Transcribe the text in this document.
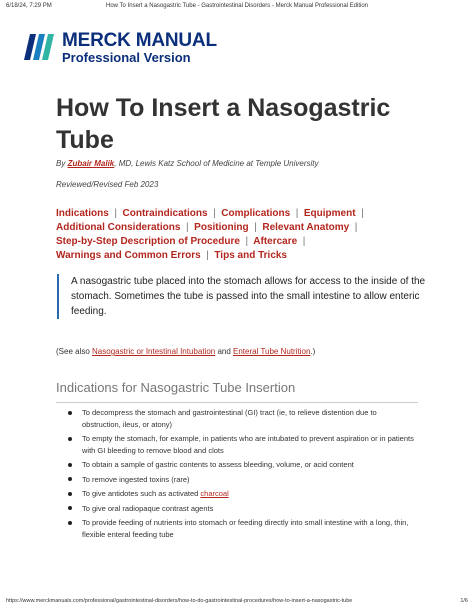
6/18/24, 7:29 PM	How To Insert a Nasogastric Tube - Gastrointestinal Disorders - Merck Manual Professional Edition
MERCK MANUAL
Professional Version
How To Insert a Nasogastric Tube
By Zubair Malik, MD, Lewis Katz School of Medicine at Temple University
Reviewed/Revised Feb 2023
Indications  |  Contraindications  |  Complications  |  Equipment  |
Additional Considerations  |  Positioning  |  Relevant Anatomy  |
Step-by-Step Description of Procedure  |  Aftercare  |
Warnings and Common Errors  |  Tips and Tricks
A nasogastric tube placed into the stomach allows for access to the inside of the stomach. Sometimes the tube is passed into the small intestine to allow enteric feeding.
(See also Nasogastric or Intestinal Intubation and Enteral Tube Nutrition.)
Indications for Nasogastric Tube Insertion
To decompress the stomach and gastrointestinal (GI) tract (ie, to relieve distention due to obstruction, ileus, or atony)
To empty the stomach, for example, in patients who are intubated to prevent aspiration or in patients with GI bleeding to remove blood and clots
To obtain a sample of gastric contents to assess bleeding, volume, or acid content
To remove ingested toxins (rare)
To give antidotes such as activated charcoal
To give oral radiopaque contrast agents
To provide feeding of nutrients into stomach or feeding directly into small intestine with a long, thin, flexible enteral feeding tube
https://www.merckmanuals.com/professional/gastrointestinal-disorders/how-to-do-gastrointestinal-procedures/how-to-insert-a-nasogastric-tube	1/6
